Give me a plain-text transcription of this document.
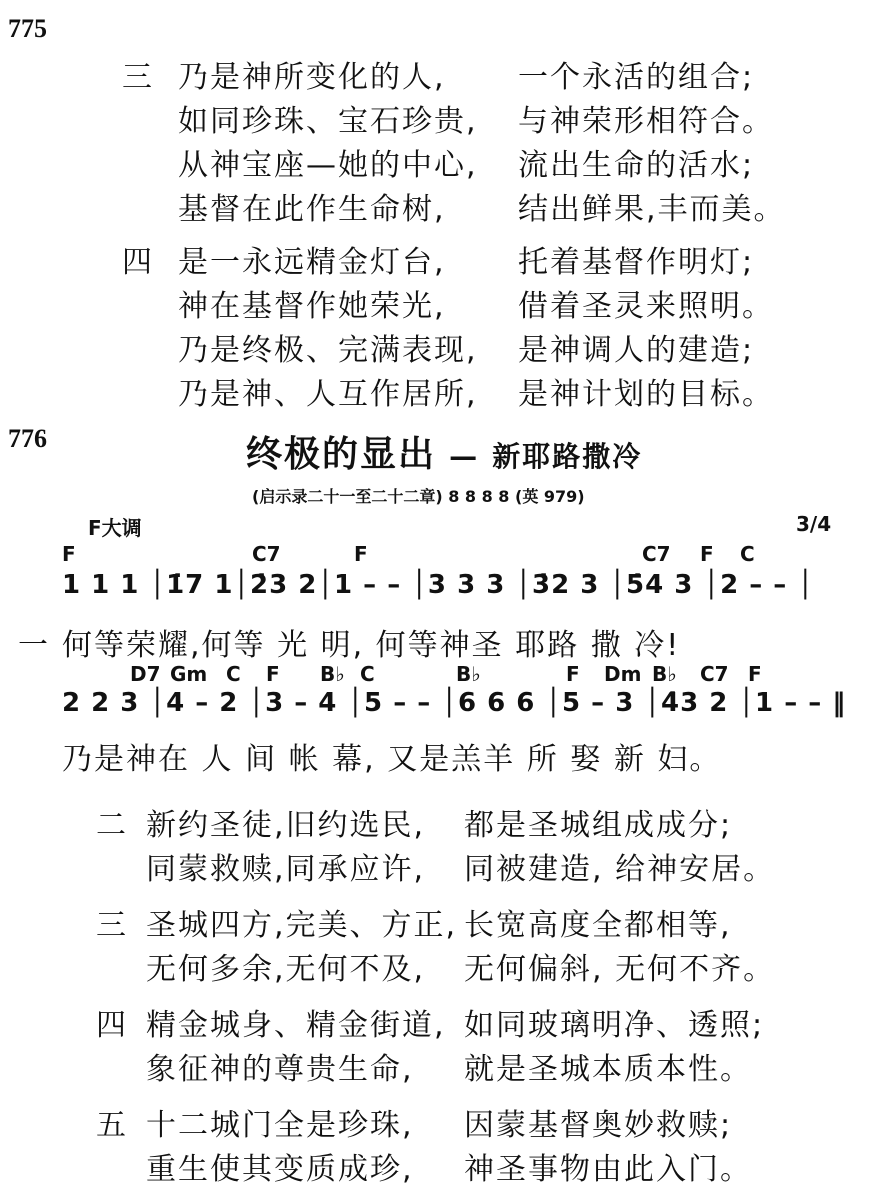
775
三 乃是神所变化的人, 一个永活的组合;
如同珍珠、宝石珍贵, 与神荣形相符合。
从神宝座—她的中心, 流出生命的活水;
基督在此作生命树, 结出鲜果,丰而美。
四 是一永远精金灯台, 托着基督作明灯;
神在基督作她荣光, 借着圣灵来照明。
乃是终极、完满表现, 是神调人的建造;
乃是神、人互作居所, 是神计划的目标。
776	终极的显出 — 新耶路撒冷
(启示录二十一至二十二章) 8 8 8 8 (英 979)
F大调	3/4
F	C7	F	C7 F C
1 1 1 │1̇7 1│2̇3 2│1 – – │3 3 3 │3̇2 3 │5̇4 3 │2 – – │
一 何等荣耀,何等 光 明, 何等神圣 耶路 撒 冷!
D7 Gm C F B♭ C	B♭	F Dm B♭ C7 F
2 2 3 │4 – 2 │3 – 4 │5 – – │6 6 6 │5 – 3 │4̇3 2 │1 – – ‖
乃是神在 人 间 帐 幕, 又是羔羊 所 娶 新 妇。
二 新约圣徒,旧约选民, 都是圣城组成成分;
同蒙救赎,同承应许, 同被建造, 给神安居。
三 圣城四方,完美、方正, 长宽高度全都相等,
无何多余,无何不及, 无何偏斜, 无何不齐。
四 精金城身、精金街道, 如同玻璃明净、透照;
象征神的尊贵生命, 就是圣城本质本性。
五 十二城门全是珍珠, 因蒙基督奥妙救赎;
重生使其变质成珍, 神圣事物由此入门。
